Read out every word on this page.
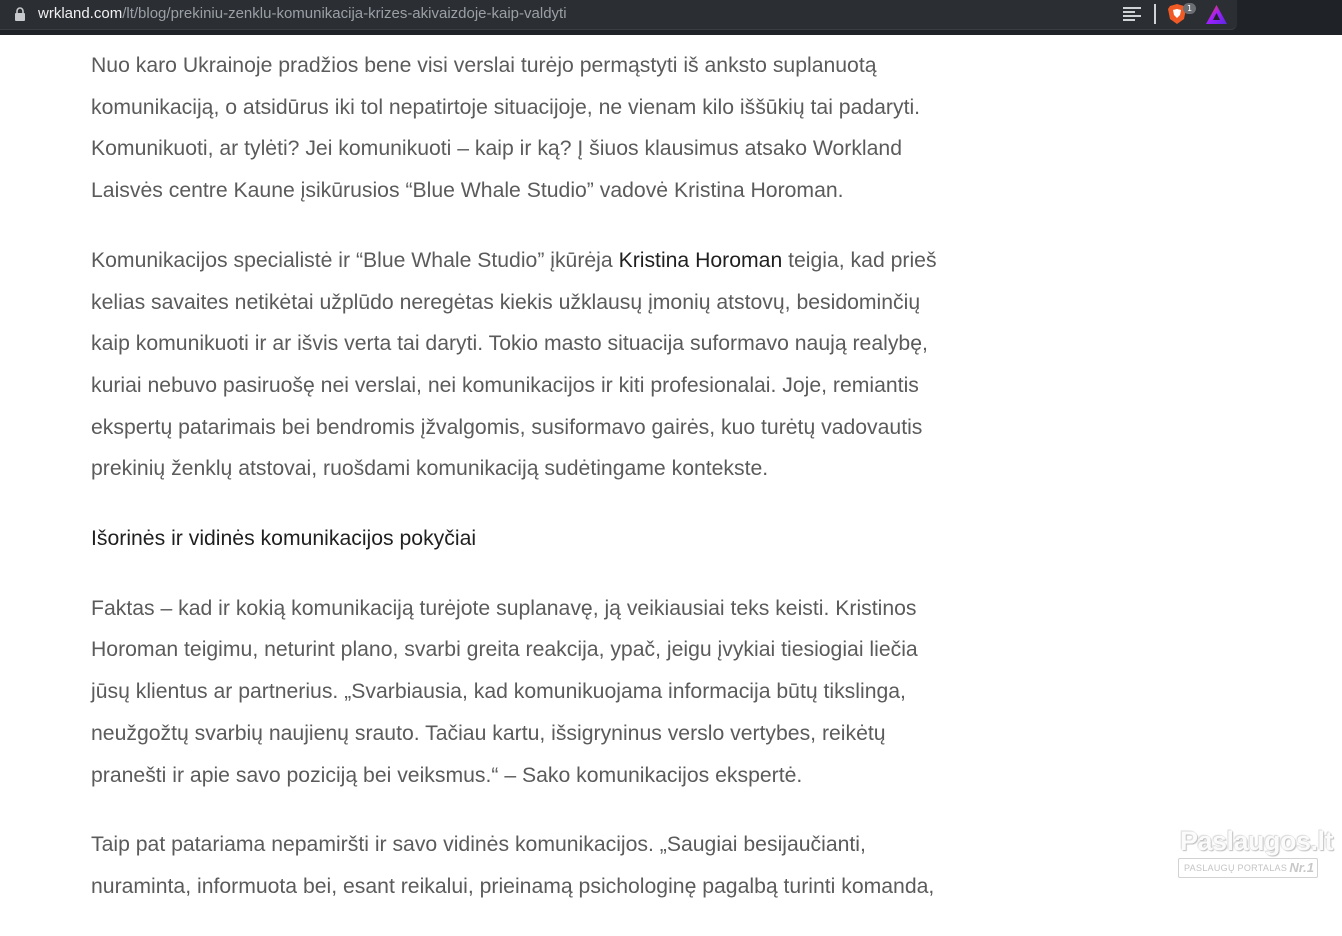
wrkland.com/lt/blog/prekiniu-zenklu-komunikacija-krizes-akivaizdoje-kaip-valdyti	1

Nuo karo Ukrainoje pradžios bene visi verslai turėjo permąstyti iš anksto suplanuotą
komunikaciją, o atsidūrus iki tol nepatirtoje situacijoje, ne vienam kilo iššūkių tai padaryti.
Komunikuoti, ar tylėti? Jei komunikuoti – kaip ir ką? Į šiuos klausimus atsako Workland
Laisvės centre Kaune įsikūrusios “Blue Whale Studio” vadovė Kristina Horoman.

Komunikacijos specialistė ir “Blue Whale Studio” įkūrėja Kristina Horoman teigia, kad prieš
kelias savaites netikėtai užplūdo neregėtas kiekis užklausų įmonių atstovų, besidominčių
kaip komunikuoti ir ar išvis verta tai daryti. Tokio masto situacija suformavo naują realybę,
kuriai nebuvo pasiruošę nei verslai, nei komunikacijos ir kiti profesionalai. Joje, remiantis
ekspertų patarimais bei bendromis įžvalgomis, susiformavo gairės, kuo turėtų vadovautis
prekinių ženklų atstovai, ruošdami komunikaciją sudėtingame kontekste.

Išorinės ir vidinės komunikacijos pokyčiai

Faktas – kad ir kokią komunikaciją turėjote suplanavę, ją veikiausiai teks keisti. Kristinos
Horoman teigimu, neturint plano, svarbi greita reakcija, ypač, jeigu įvykiai tiesiogiai liečia
jūsų klientus ar partnerius. „Svarbiausia, kad komunikuojama informacija būtų tikslinga,
neužgožtų svarbių naujienų srauto. Tačiau kartu, išsigryninus verslo vertybes, reikėtų
pranešti ir apie savo poziciją bei veiksmus.“ – Sako komunikacijos ekspertė.

Taip pat patariama nepamiršti ir savo vidinės komunikacijos. „Saugiai besijaučianti,
nuraminta, informuota bei, esant reikalui, prieinamą psichologinę pagalbą turinti komanda,

Paslaugos.lt
PASLAUGŲ PORTALAS Nr.1
